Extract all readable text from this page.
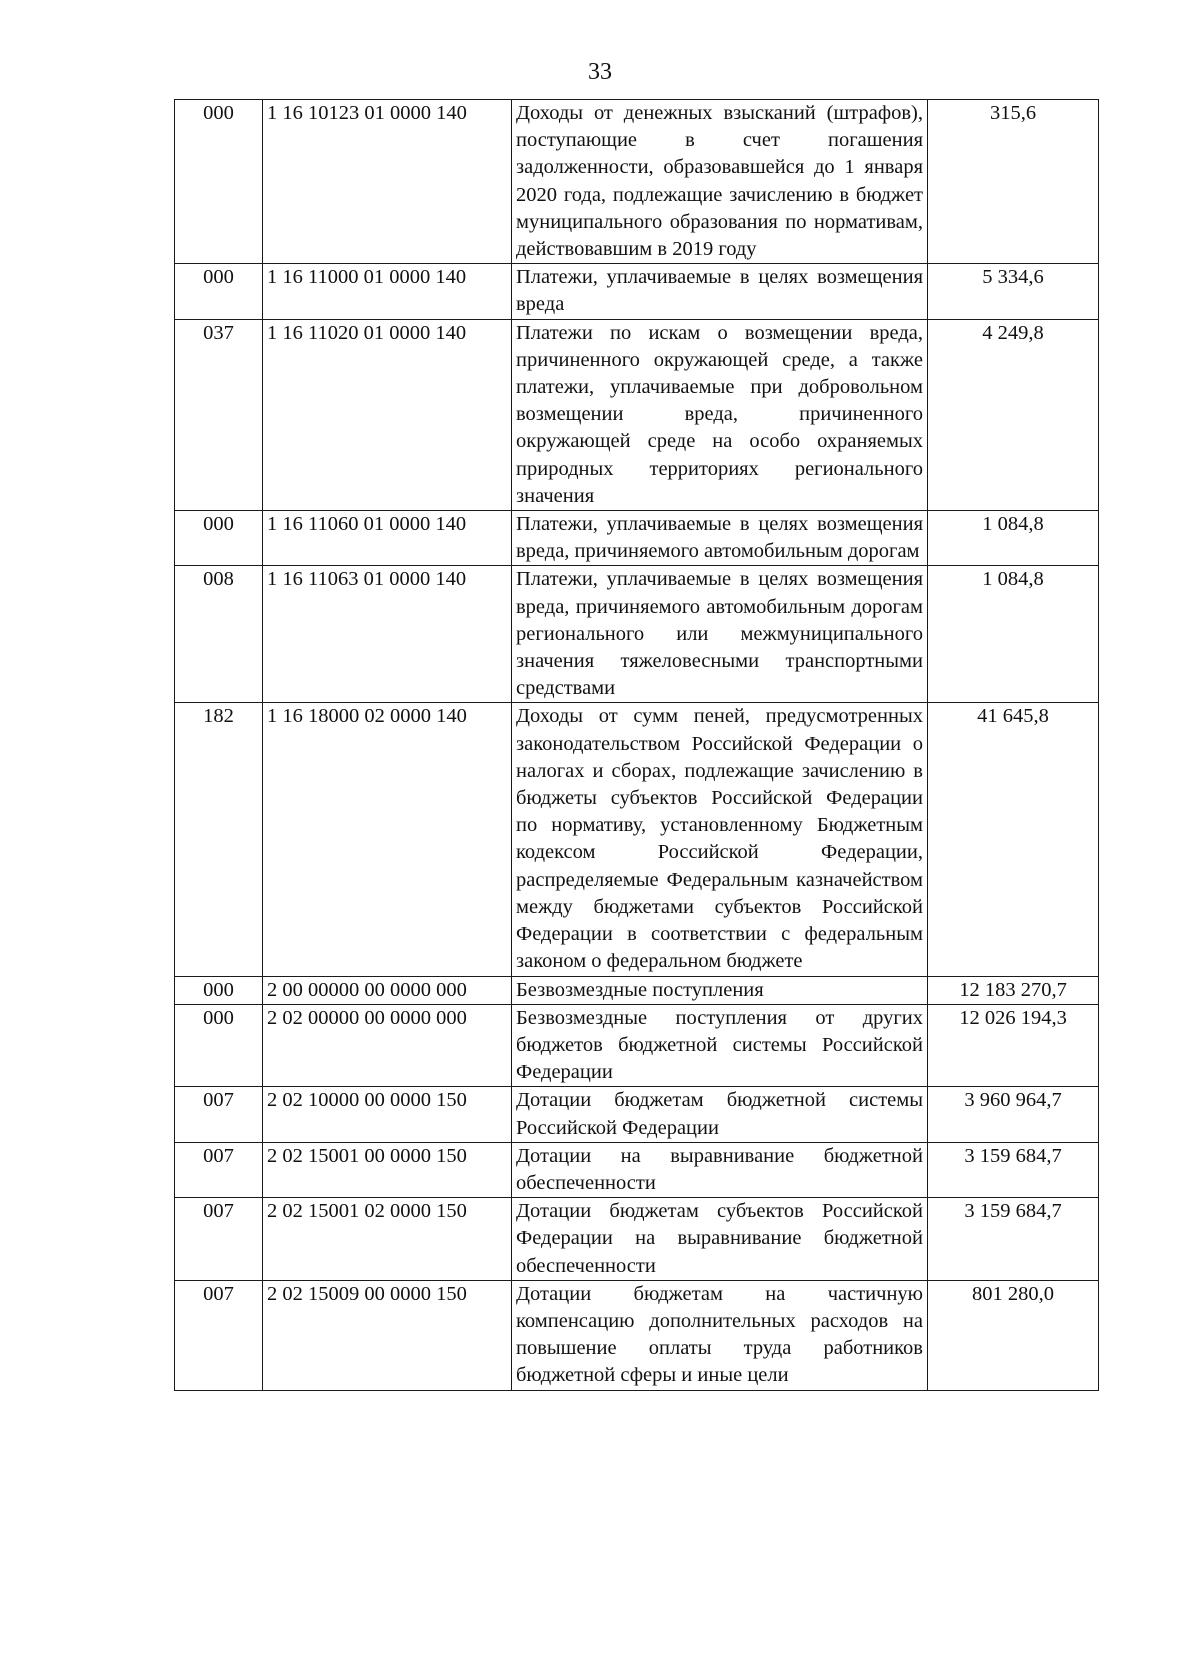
33
000	1 16 10123 01 0000 140	Доходы от денежных взысканий (штрафов), поступающие в счет погашения задолженности, образовавшейся до 1 января 2020 года, подлежащие зачислению в бюджет муниципального образования по нормативам, действовавшим в 2019 году	315,6
000	1 16 11000 01 0000 140	Платежи, уплачиваемые в целях возмещения вреда	5 334,6
037	1 16 11020 01 0000 140	Платежи по искам о возмещении вреда, причиненного окружающей среде, а также платежи, уплачиваемые при добровольном возмещении вреда, причиненного окружающей среде на особо охраняемых природных территориях регионального значения	4 249,8
000	1 16 11060 01 0000 140	Платежи, уплачиваемые в целях возмещения вреда, причиняемого автомобильным дорогам	1 084,8
008	1 16 11063 01 0000 140	Платежи, уплачиваемые в целях возмещения вреда, причиняемого автомобильным дорогам регионального или межмуниципального значения тяжеловесными транспортными средствами	1 084,8
182	1 16 18000 02 0000 140	Доходы от сумм пеней, предусмотренных законодательством Российской Федерации о налогах и сборах, подлежащие зачислению в бюджеты субъектов Российской Федерации по нормативу, установленному Бюджетным кодексом Российской Федерации, распределяемые Федеральным казначейством между бюджетами субъектов Российской Федерации в соответствии с федеральным законом о федеральном бюджете	41 645,8
000	2 00 00000 00 0000 000	Безвозмездные поступления	12 183 270,7
000	2 02 00000 00 0000 000	Безвозмездные поступления от других бюджетов бюджетной системы Российской Федерации	12 026 194,3
007	2 02 10000 00 0000 150	Дотации бюджетам бюджетной системы Российской Федерации	3 960 964,7
007	2 02 15001 00 0000 150	Дотации на выравнивание бюджетной обеспеченности	3 159 684,7
007	2 02 15001 02 0000 150	Дотации бюджетам субъектов Российской Федерации на выравнивание бюджетной обеспеченности	3 159 684,7
007	2 02 15009 00 0000 150	Дотации бюджетам на частичную компенсацию дополнительных расходов на повышение оплаты труда работников бюджетной сферы и иные цели	801 280,0
